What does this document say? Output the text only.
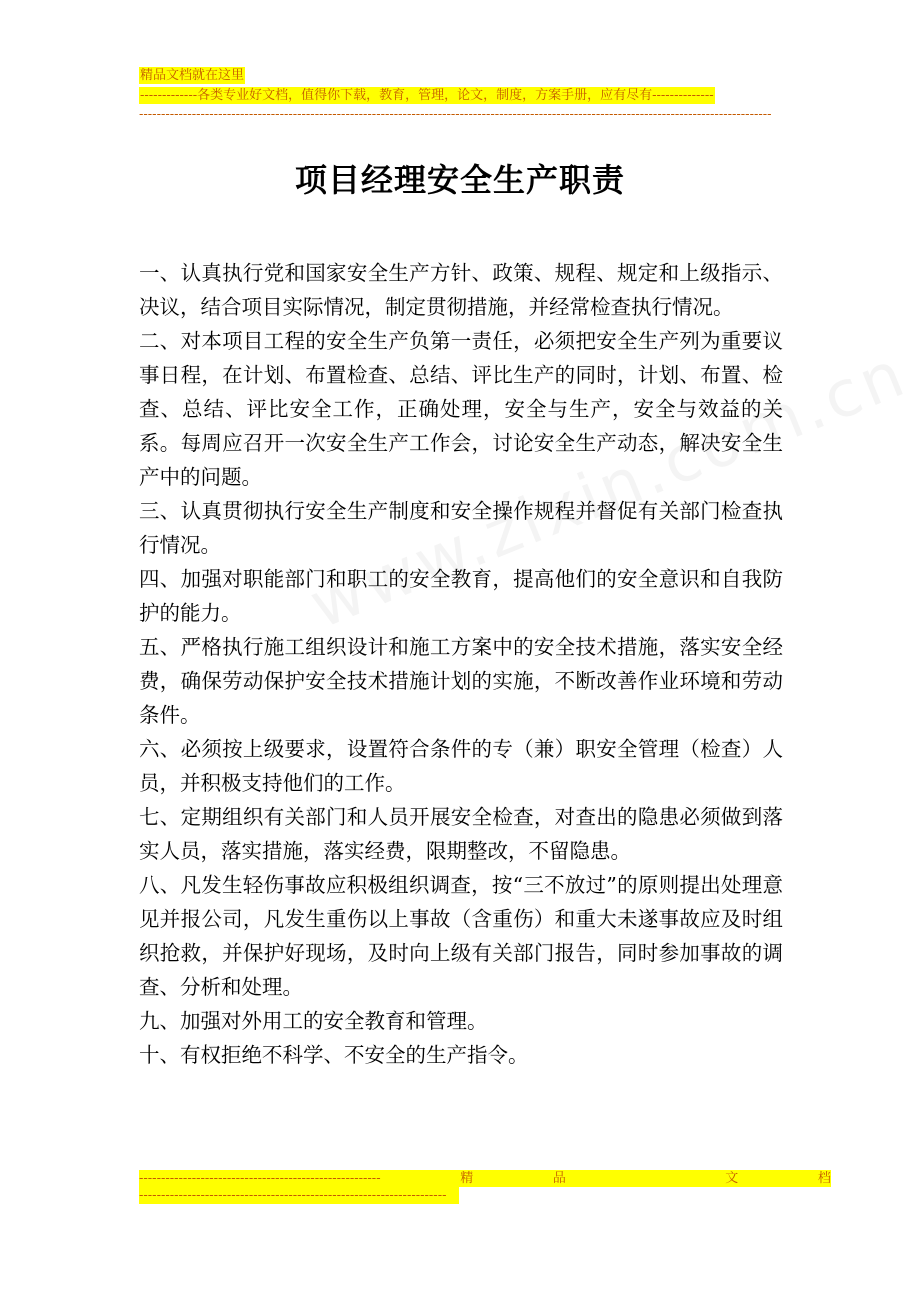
精品文档就在这里
-------------各类专业好文档，值得你下载，教育，管理，论文，制度，方案手册，应有尽有--------------
------------------------------------------------------------------------------------------------------------------------------------------------
项目经理安全生产职责

一、认真执行党和国家安全生产方针、政策、规程、规定和上级指示、决议，结合项目实际情况，制定贯彻措施，并经常检查执行情况。

二、对本项目工程的安全生产负第一责任，必须把安全生产列为重要议事日程，在计划、布置检查、总结、评比生产的同时，计划、布置、检查、总结、评比安全工作，正确处理，安全与生产，安全与效益的关系。每周应召开一次安全生产工作会，讨论安全生产动态，解决安全生产中的问题。

三、认真贯彻执行安全生产制度和安全操作规程并督促有关部门检查执行情况。

四、加强对职能部门和职工的安全教育，提高他们的安全意识和自我防护的能力。

五、严格执行施工组织设计和施工方案中的安全技术措施，落实安全经费，确保劳动保护安全技术措施计划的实施，不断改善作业环境和劳动条件。

六、必须按上级要求，设置符合条件的专（兼）职安全管理（检查）人员，并积极支持他们的工作。

七、定期组织有关部门和人员开展安全检查，对查出的隐患必须做到落实人员，落实措施，落实经费，限期整改，不留隐患。

八、凡发生轻伤事故应积极组织调查，按“三不放过”的原则提出处理意见并报公司，凡发生重伤以上事故（含重伤）和重大未遂事故应及时组织抢救，并保护好现场，及时向上级有关部门报告，同时参加事故的调查、分析和处理。

九、加强对外用工的安全教育和管理。

十、有权拒绝不科学、不安全的生产指令。

-------------------------------------------------------	精	品	文	档
----------------------------------------------------------------------
